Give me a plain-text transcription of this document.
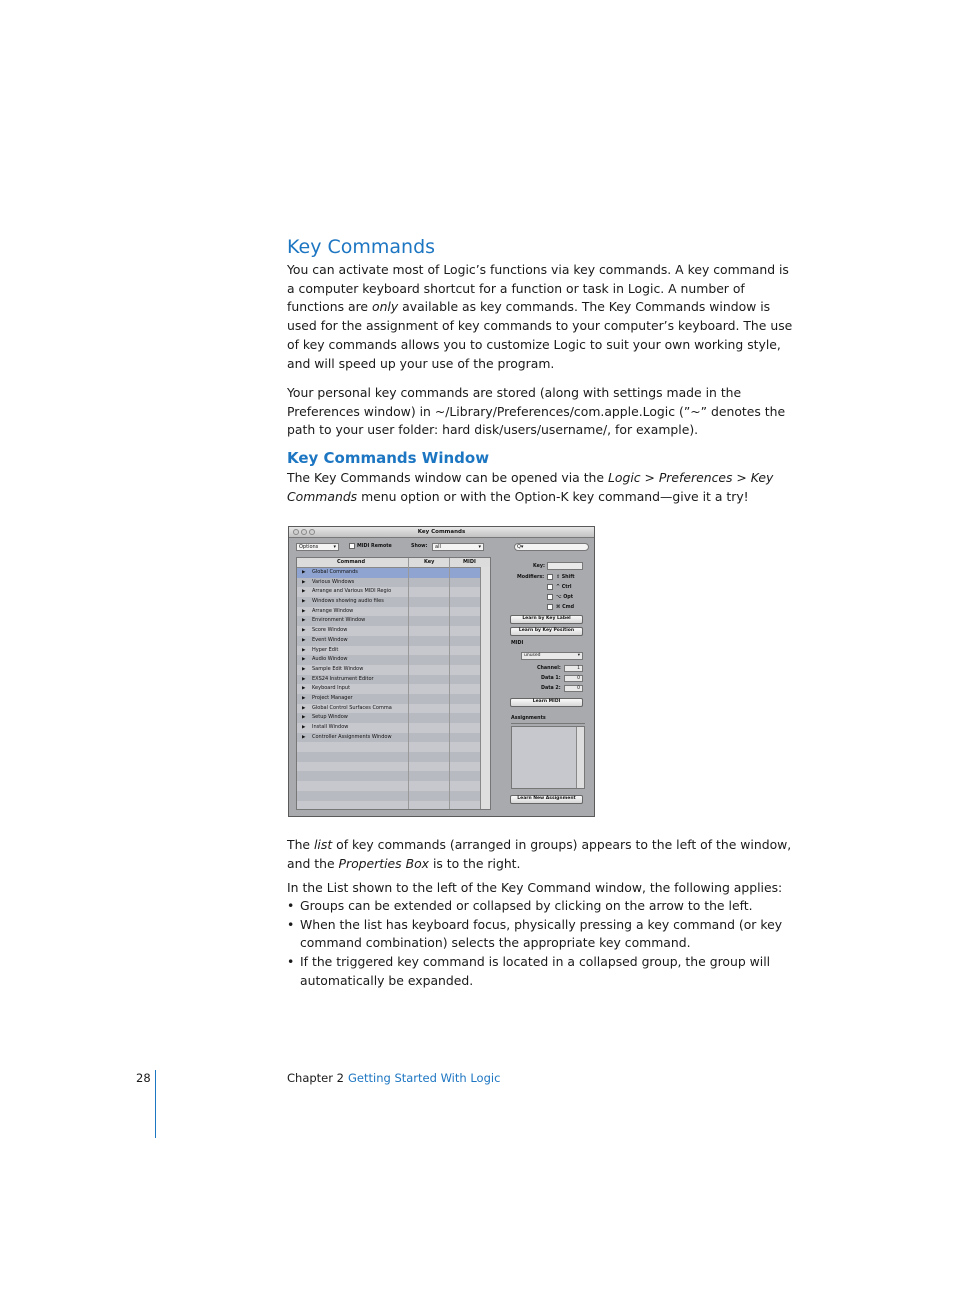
Key Commands

You can activate most of Logic’s functions via key commands. A key command is a computer keyboard shortcut for a function or task in Logic. A number of functions are only available as key commands. The Key Commands window is used for the assignment of key commands to your computer’s keyboard. The use of key commands allows you to customize Logic to suit your own working style, and will speed up your use of the program.

Your personal key commands are stored (along with settings made in the Preferences window) in ~/Library/Preferences/com.apple.Logic (”~” denotes the path to your user folder: hard disk/users/username/, for example).

Key Commands Window

The Key Commands window can be opened via the Logic > Preferences > Key Commands menu option or with the Option-K key command—give it a try!

Key Commands
Options	▾	MIDI Remote	Show:	all	▾	Q▾
Command	Key	MIDI
▶ Global Commands
▶ Various Windows
▶ Arrange and Various MIDI Regio
▶ Windows showing audio files
▶ Arrange Window
▶ Environment Window
▶ Score Window
▶ Event Window
▶ Hyper Edit
▶ Audio Window
▶ Sample Edit Window
▶ EXS24 Instrument Editor
▶ Keyboard Input
▶ Project Manager
▶ Global Control Surfaces Comma
▶ Setup Window
▶ Install Window
▶ Controller Assignments Window
Key:
Modifiers: ⇧ Shift
^ Ctrl
⌥ Opt
⌘ Cmd
Learn by Key Label
Learn by Key Position
MIDI
unused	▾
Channel:	1
Data 1:	0
Data 2:	0
Learn MIDI
Assignments
Learn New Assignment

The list of key commands (arranged in groups) appears to the left of the window, and the Properties Box is to the right.

In the List shown to the left of the Key Command window, the following applies:

• Groups can be extended or collapsed by clicking on the arrow to the left.
• When the list has keyboard focus, physically pressing a key command (or key command combination) selects the appropriate key command.
• If the triggered key command is located in a collapsed group, the group will automatically be expanded.
28	Chapter 2 Getting Started With Logic
